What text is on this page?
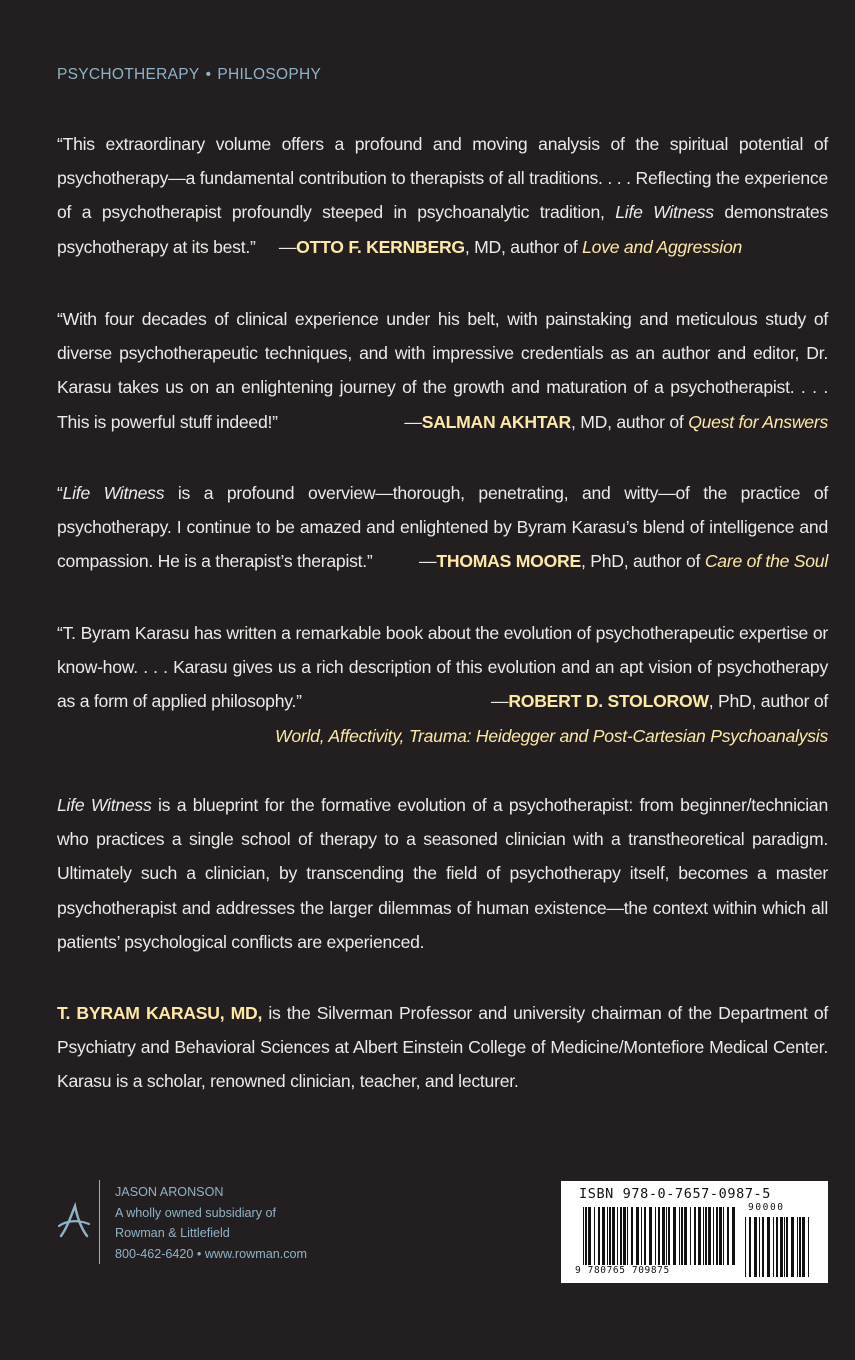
PSYCHOTHERAPY • PHILOSOPHY

“This extraordinary volume offers a profound and moving analysis of the spiritual potential of psychotherapy—a fundamental contribution to therapists of all traditions. . . . Reflecting the experience of a psychotherapist profoundly steeped in psychoanalytic tradition, Life Witness demonstrates psychotherapy at its best.” —OTTO F. KERNBERG, MD, author of Love and Aggression

“With four decades of clinical experience under his belt, with painstaking and meticulous study of diverse psychotherapeutic techniques, and with impressive credentials as an author and editor, Dr. Karasu takes us on an enlightening journey of the growth and maturation of a psychotherapist. . . . This is powerful stuff indeed!”	—SALMAN AKHTAR, MD, author of Quest for Answers

“Life Witness is a profound overview—thorough, penetrating, and witty—of the practice of psychotherapy. I continue to be amazed and enlightened by Byram Karasu’s blend of intelligence and compassion. He is a therapist’s therapist.”	—THOMAS MOORE, PhD, author of Care of the Soul

“T. Byram Karasu has written a remarkable book about the evolution of psychotherapeutic expertise or know-how. . . . Karasu gives us a rich description of this evolution and an apt vision of psychotherapy as a form of applied philosophy.”	—ROBERT D. STOLOROW, PhD, author of
World, Affectivity, Trauma: Heidegger and Post-Cartesian Psychoanalysis

Life Witness is a blueprint for the formative evolution of a psychotherapist: from beginner/technician who practices a single school of therapy to a seasoned clinician with a transtheoretical paradigm. Ultimately such a clinician, by transcending the field of psychotherapy itself, becomes a master psychotherapist and addresses the larger dilemmas of human existence—the context within which all patients’ psychological conflicts are experienced.

T. BYRAM KARASU, MD, is the Silverman Professor and university chairman of the Department of Psychiatry and Behavioral Sciences at Albert Einstein College of Medicine/Montefiore Medical Center. Karasu is a scholar, renowned clinician, teacher, and lecturer.

A
JASON ARONSON
A wholly owned subsidiary of
Rowman & Littlefield
800-462-6420 • www.rowman.com
ISBN 978-0-7657-0987-5
90000
9 780765 709875
